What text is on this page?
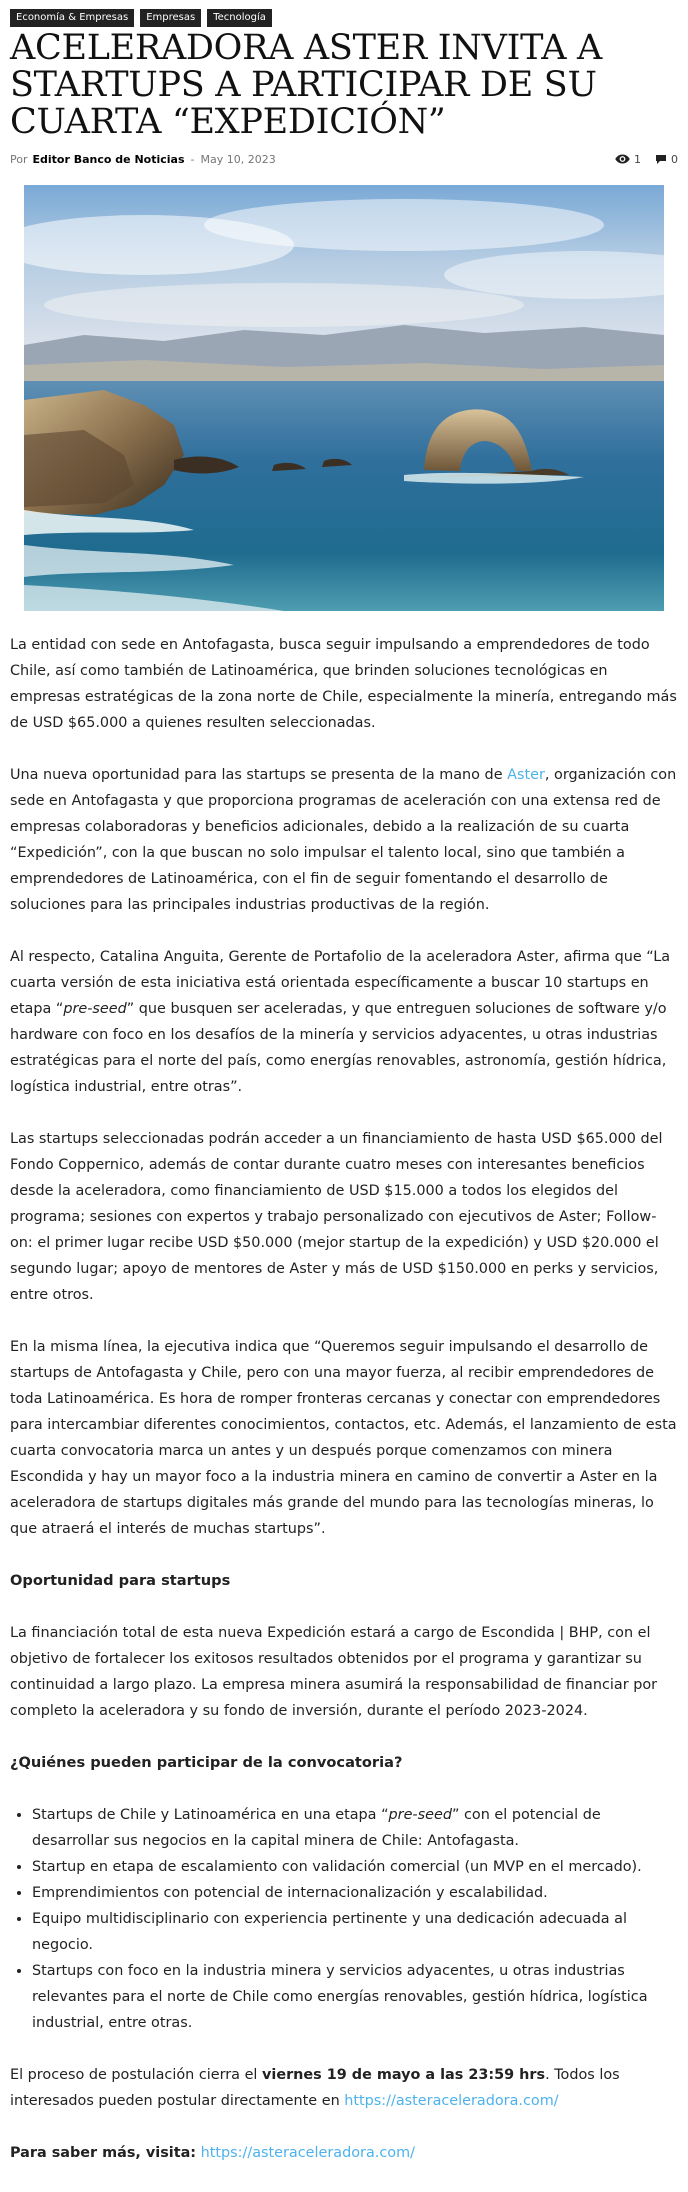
Economía & Empresas	Empresas	Tecnología
ACELERADORA ASTER INVITA A STARTUPS A PARTICIPAR DE SU CUARTA “EXPEDICIÓN”
Por Editor Banco de Noticias - May 10, 2023	1	0

La entidad con sede en Antofagasta, busca seguir impulsando a emprendedores de todo Chile, así como también de Latinoamérica, que brinden soluciones tecnológicas en empresas estratégicas de la zona norte de Chile, especialmente la minería, entregando más de USD $65.000 a quienes resulten seleccionadas.

Una nueva oportunidad para las startups se presenta de la mano de Aster, organización con sede en Antofagasta y que proporciona programas de aceleración con una extensa red de empresas colaboradoras y beneficios adicionales, debido a la realización de su cuarta “Expedición”, con la que buscan no solo impulsar el talento local, sino que también a emprendedores de Latinoamérica, con el fin de seguir fomentando el desarrollo de soluciones para las principales industrias productivas de la región.

Al respecto, Catalina Anguita, Gerente de Portafolio de la aceleradora Aster, afirma que “La cuarta versión de esta iniciativa está orientada específicamente a buscar 10 startups en etapa “pre-seed” que busquen ser aceleradas, y que entreguen soluciones de software y/o hardware con foco en los desafíos de la minería y servicios adyacentes, u otras industrias estratégicas para el norte del país, como energías renovables, astronomía, gestión hídrica, logística industrial, entre otras”.

Las startups seleccionadas podrán acceder a un financiamiento de hasta USD $65.000 del Fondo Coppernico, además de contar durante cuatro meses con interesantes beneficios desde la aceleradora, como financiamiento de USD $15.000 a todos los elegidos del programa; sesiones con expertos y trabajo personalizado con ejecutivos de Aster; Follow-on: el primer lugar recibe USD $50.000 (mejor startup de la expedición) y USD $20.000 el segundo lugar; apoyo de mentores de Aster y más de USD $150.000 en perks y servicios, entre otros.

En la misma línea, la ejecutiva indica que “Queremos seguir impulsando el desarrollo de startups de Antofagasta y Chile, pero con una mayor fuerza, al recibir emprendedores de toda Latinoamérica. Es hora de romper fronteras cercanas y conectar con emprendedores para intercambiar diferentes conocimientos, contactos, etc. Además, el lanzamiento de esta cuarta convocatoria marca un antes y un después porque comenzamos con minera Escondida y hay un mayor foco a la industria minera en camino de convertir a Aster en la aceleradora de startups digitales más grande del mundo para las tecnologías mineras, lo que atraerá el interés de muchas startups”.

Oportunidad para startups

La financiación total de esta nueva Expedición estará a cargo de Escondida | BHP, con el objetivo de fortalecer los exitosos resultados obtenidos por el programa y garantizar su continuidad a largo plazo. La empresa minera asumirá la responsabilidad de financiar por completo la aceleradora y su fondo de inversión, durante el período 2023-2024.

¿Quiénes pueden participar de la convocatoria?
• Startups de Chile y Latinoamérica en una etapa “pre-seed” con el potencial de desarrollar sus negocios en la capital minera de Chile: Antofagasta.
• Startup en etapa de escalamiento con validación comercial (un MVP en el mercado).
• Emprendimientos con potencial de internacionalización y escalabilidad.
• Equipo multidisciplinario con experiencia pertinente y una dedicación adecuada al negocio.
• Startups con foco en la industria minera y servicios adyacentes, u otras industrias relevantes para el norte de Chile como energías renovables, gestión hídrica, logística industrial, entre otras.

El proceso de postulación cierra el viernes 19 de mayo a las 23:59 hrs. Todos los interesados pueden postular directamente en https://asteraceleradora.com/

Para saber más, visita: https://asteraceleradora.com/
